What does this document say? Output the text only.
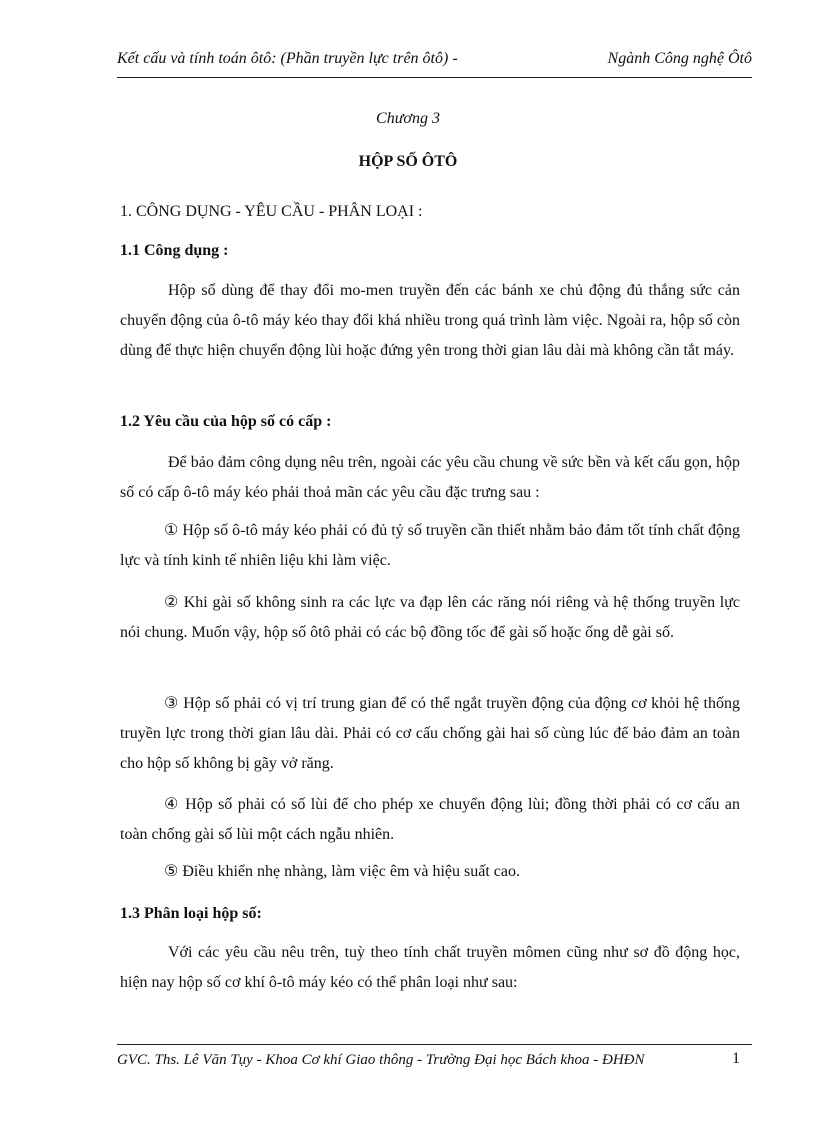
Kết cấu và tính toán ôtô: (Phần truyền lực trên ôtô) -	Ngành Công nghệ Ôtô
Chương 3
HỘP SỐ ÔTÔ
1. CÔNG DỤNG - YÊU CẦU - PHÂN LOẠI :
1.1 Công dụng :

Hộp số dùng để thay đổi mo-men truyền đến các bánh xe chủ động đủ thắng sức cản chuyển động của ô-tô máy kéo thay đổi khá nhiều trong quá trình làm việc. Ngoài ra, hộp số còn dùng để thực hiện chuyển động lùi hoặc đứng yên trong thời gian lâu dài mà không cần tắt máy.

1.2 Yêu cầu của hộp số có cấp :

Để bảo đảm công dụng nêu trên, ngoài các yêu cầu chung về sức bền và kết cấu gọn, hộp số có cấp ô-tô máy kéo phải thoả mãn các yêu cầu đặc trưng sau :

① Hộp số ô-tô máy kéo phải có đủ tỷ số truyền cần thiết nhằm bảo đảm tốt tính chất động lực và tính kinh tế nhiên liệu khi làm việc.

② Khi gài số không sinh ra các lực va đạp lên các răng nói riêng và hệ thống truyền lực nói chung. Muốn vậy, hộp số ôtô phải có các bộ đồng tốc để gài số hoặc ống dễ gài số.

③ Hộp số phải có vị trí trung gian để có thể ngắt truyền động của động cơ khỏi hệ thống truyền lực trong thời gian lâu dài. Phải có cơ cấu chống gài hai số cùng lúc để bảo đảm an toàn cho hộp số không bị gãy vở răng.

④ Hộp số phải có số lùi để cho phép xe chuyển động lùi; đồng thời phải có cơ cấu an toàn chống gài số lùi một cách ngẫu nhiên.

⑤ Điều khiển nhẹ nhàng, làm việc êm và hiệu suất cao.

1.3 Phân loại hộp số:

Với các yêu cầu nêu trên, tuỳ theo tính chất truyền mômen cũng như sơ đồ động học, hiện nay hộp số cơ khí ô-tô máy kéo có thể phân loại như sau:

GVC. Ths. Lê Văn Tụy - Khoa Cơ khí Giao thông - Trường Đại học Bách khoa - ĐHĐN	1
